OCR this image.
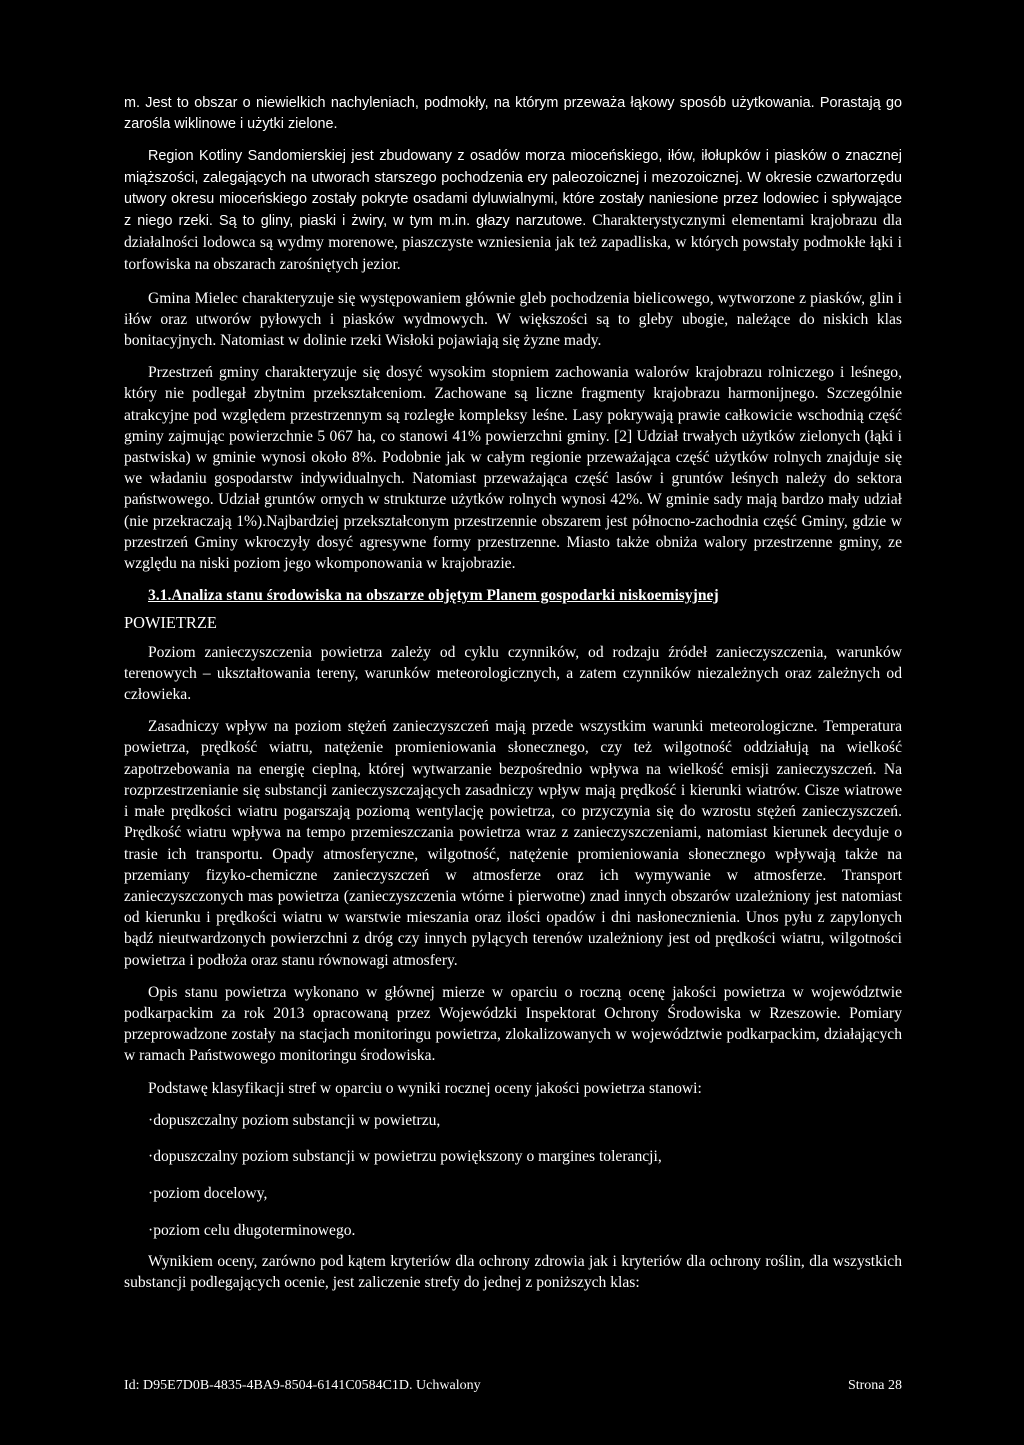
m. Jest to obszar o niewielkich nachyleniach, podmokły, na którym przeważa łąkowy sposób użytkowania. Porastają go zarośla wiklinowe i użytki zielone.

Region Kotliny Sandomierskiej jest zbudowany z osadów morza mioceńskiego, iłów, iłołupków i piasków o znacznej miąższości, zalegających na utworach starszego pochodzenia ery paleozoicznej i mezozoicznej. W okresie czwartorzędu utwory okresu mioceńskiego zostały pokryte osadami dyluwialnymi, które zostały naniesione przez lodowiec i spływające z niego rzeki. Są to gliny, piaski i żwiry, w tym m.in. głazy narzutowe. Charakterystycznymi elementami krajobrazu dla działalności lodowca są wydmy morenowe, piaszczyste wzniesienia jak też zapadliska, w których powstały podmokłe łąki i torfowiska na obszarach zarośniętych jezior.

Gmina Mielec charakteryzuje się występowaniem głównie gleb pochodzenia bielicowego, wytworzone z piasków, glin i iłów oraz utworów pyłowych i piasków wydmowych. W większości są to gleby ubogie, należące do niskich klas bonitacyjnych. Natomiast w dolinie rzeki Wisłoki pojawiają się żyzne mady.

Przestrzeń gminy charakteryzuje się dosyć wysokim stopniem zachowania walorów krajobrazu rolniczego i leśnego, który nie podlegał zbytnim przekształceniom. Zachowane są liczne fragmenty krajobrazu harmonijnego. Szczególnie atrakcyjne pod względem przestrzennym są rozległe kompleksy leśne. Lasy pokrywają prawie całkowicie wschodnią część gminy zajmując powierzchnie 5 067 ha, co stanowi 41% powierzchni gminy. [2] Udział trwałych użytków zielonych (łąki i pastwiska) w gminie wynosi około 8%. Podobnie jak w całym regionie przeważająca część użytków rolnych znajduje się we władaniu gospodarstw indywidualnych. Natomiast przeważająca część lasów i gruntów leśnych należy do sektora państwowego. Udział gruntów ornych w strukturze użytków rolnych wynosi 42%. W gminie sady mają bardzo mały udział (nie przekraczają 1%).Najbardziej przekształconym przestrzennie obszarem jest północno-zachodnia część Gminy, gdzie w przestrzeń Gminy wkroczyły dosyć agresywne formy przestrzenne. Miasto także obniża walory przestrzenne gminy, ze względu na niski poziom jego wkomponowania w krajobrazie.

3.1.Analiza stanu środowiska na obszarze objętym Planem gospodarki niskoemisyjnej
POWIETRZE

Poziom zanieczyszczenia powietrza zależy od cyklu czynników, od rodzaju źródeł zanieczyszczenia, warunków terenowych – ukształtowania tereny, warunków meteorologicznych, a zatem czynników niezależnych oraz zależnych od człowieka.

Zasadniczy wpływ na poziom stężeń zanieczyszczeń mają przede wszystkim warunki meteorologiczne. Temperatura powietrza, prędkość wiatru, natężenie promieniowania słonecznego, czy też wilgotność oddziałują na wielkość zapotrzebowania na energię cieplną, której wytwarzanie bezpośrednio wpływa na wielkość emisji zanieczyszczeń. Na rozprzestrzenianie się substancji zanieczyszczających zasadniczy wpływ mają prędkość i kierunki wiatrów. Cisze wiatrowe i małe prędkości wiatru pogarszają poziomą wentylację powietrza, co przyczynia się do wzrostu stężeń zanieczyszczeń. Prędkość wiatru wpływa na tempo przemieszczania powietrza wraz z zanieczyszczeniami, natomiast kierunek decyduje o trasie ich transportu. Opady atmosferyczne, wilgotność, natężenie promieniowania słonecznego wpływają także na przemiany fizyko-chemiczne zanieczyszczeń w atmosferze oraz ich wymywanie w atmosferze. Transport zanieczyszczonych mas powietrza (zanieczyszczenia wtórne i pierwotne) znad innych obszarów uzależniony jest natomiast od kierunku i prędkości wiatru w warstwie mieszania oraz ilości opadów i dni nasłonecznienia. Unos pyłu z zapylonych bądź nieutwardzonych powierzchni z dróg czy innych pylących terenów uzależniony jest od prędkości wiatru, wilgotności powietrza i podłoża oraz stanu równowagi atmosfery.

Opis stanu powietrza wykonano w głównej mierze w oparciu o roczną ocenę jakości powietrza w województwie podkarpackim za rok 2013 opracowaną przez Wojewódzki Inspektorat Ochrony Środowiska w Rzeszowie. Pomiary przeprowadzone zostały na stacjach monitoringu powietrza, zlokalizowanych w województwie podkarpackim, działających w ramach Państwowego monitoringu środowiska.

Podstawę klasyfikacji stref w oparciu o wyniki rocznej oceny jakości powietrza stanowi:

·dopuszczalny poziom substancji w powietrzu,
·dopuszczalny poziom substancji w powietrzu powiększony o margines tolerancji,
·poziom docelowy,
·poziom celu długoterminowego.

Wynikiem oceny, zarówno pod kątem kryteriów dla ochrony zdrowia jak i kryteriów dla ochrony roślin, dla wszystkich substancji podlegających ocenie, jest zaliczenie strefy do jednej z poniższych klas:

Id: D95E7D0B-4835-4BA9-8504-6141C0584C1D. Uchwalony	Strona 28
